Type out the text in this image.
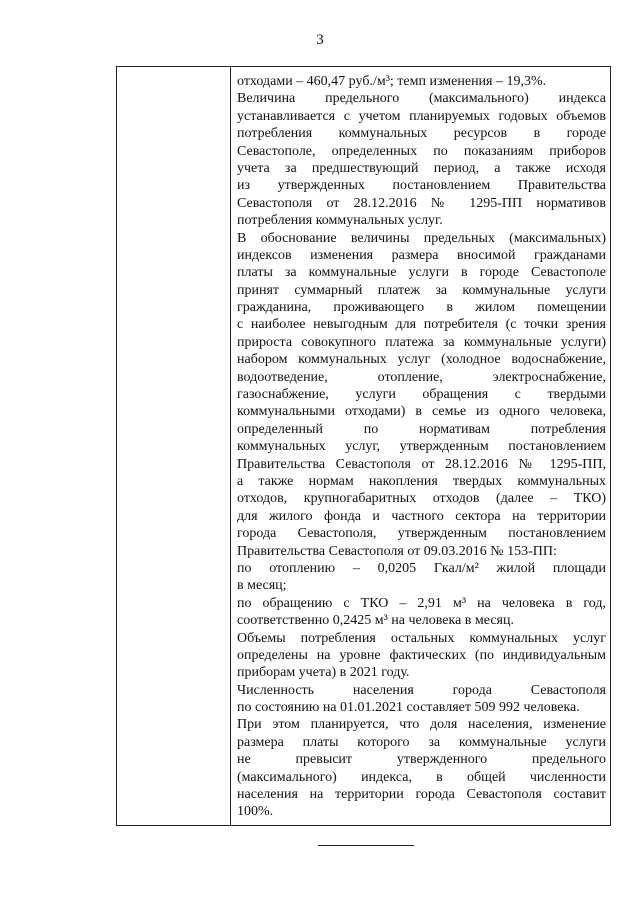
3
отходами – 460,47 руб./м³; темп изменения – 19,3%.
Величина предельного (максимального) индекса
устанавливается с учетом планируемых годовых объемов
потребления коммунальных ресурсов в городе
Севастополе, определенных по показаниям приборов
учета за предшествующий период, а также исходя
из утвержденных постановлением Правительства
Севастополя от 28.12.2016 № 1295-ПП нормативов
потребления коммунальных услуг.
В обоснование величины предельных (максимальных)
индексов изменения размера вносимой гражданами
платы за коммунальные услуги в городе Севастополе
принят суммарный платеж за коммунальные услуги
гражданина, проживающего в жилом помещении
с наиболее невыгодным для потребителя (с точки зрения
прироста совокупного платежа за коммунальные услуги)
набором коммунальных услуг (холодное водоснабжение,
водоотведение, отопление, электроснабжение,
газоснабжение, услуги обращения с твердыми
коммунальными отходами) в семье из одного человека,
определенный по нормативам потребления
коммунальных услуг, утвержденным постановлением
Правительства Севастополя от 28.12.2016 № 1295-ПП,
а также нормам накопления твердых коммунальных
отходов, крупногабаритных отходов (далее – ТКО)
для жилого фонда и частного сектора на территории
города Севастополя, утвержденным постановлением
Правительства Севастополя от 09.03.2016 № 153-ПП:
по отоплению – 0,0205 Гкал/м² жилой площади
в месяц;
по обращению с ТКО – 2,91 м³ на человека в год,
соответственно 0,2425 м³ на человека в месяц.
Объемы потребления остальных коммунальных услуг
определены на уровне фактических (по индивидуальным
приборам учета) в 2021 году.
Численность населения города Севастополя
по состоянию на 01.01.2021 составляет 509 992 человека.
При этом планируется, что доля населения, изменение
размера платы которого за коммунальные услуги
не превысит утвержденного предельного
(максимального) индекса, в общей численности
населения на территории города Севастополя составит
100%.
